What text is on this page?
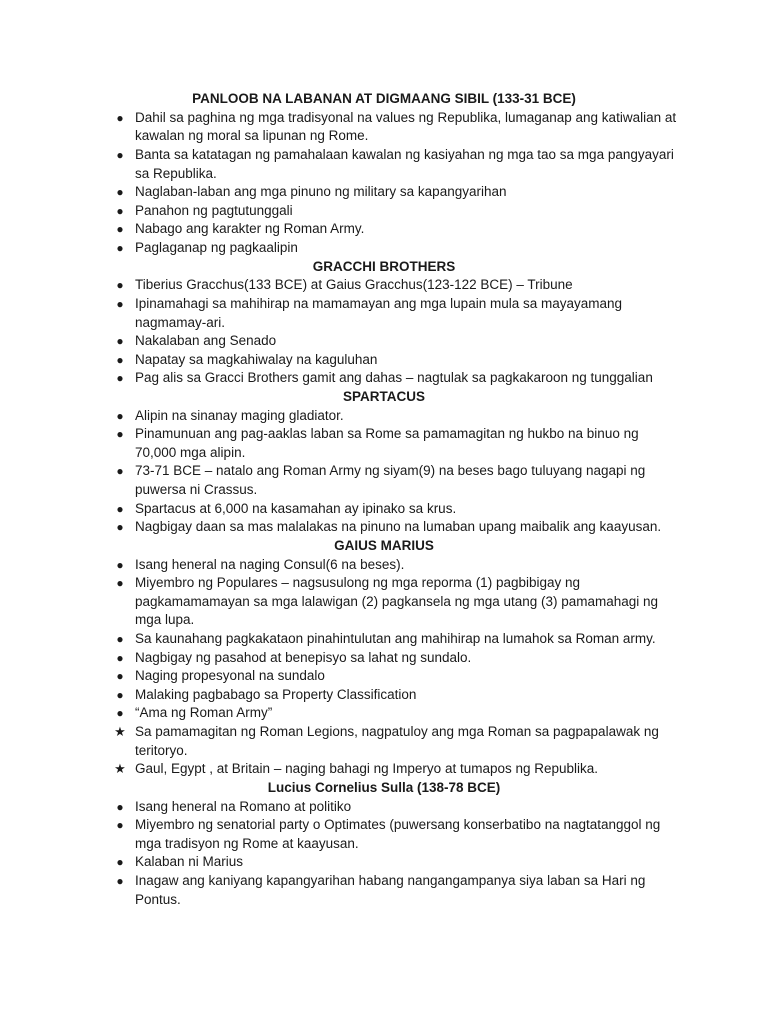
PANLOOB NA LABANAN AT DIGMAANG SIBIL (133-31 BCE)
● Dahil sa paghina ng mga tradisyonal na values ng Republika, lumaganap ang katiwalian at kawalan ng moral sa lipunan ng Rome.
● Banta sa katatagan ng pamahalaan kawalan ng kasiyahan ng mga tao sa mga pangyayari sa Republika.
● Naglaban-laban ang mga pinuno ng military sa kapangyarihan
● Panahon ng pagtutunggali
● Nabago ang karakter ng Roman Army.
● Paglaganap ng pagkaalipin
GRACCHI BROTHERS
● Tiberius Gracchus(133 BCE) at Gaius Gracchus(123-122 BCE) – Tribune
● Ipinamahagi sa mahihirap na mamamayan ang mga lupain mula sa mayayamang nagmamay-ari.
● Nakalaban ang Senado
● Napatay sa magkahiwalay na kaguluhan
● Pag alis sa Gracci Brothers gamit ang dahas – nagtulak sa pagkakaroon ng tunggalian
SPARTACUS
● Alipin na sinanay maging gladiator.
● Pinamunuan ang pag-aaklas laban sa Rome sa pamamagitan ng hukbo na binuo ng 70,000 mga alipin.
● 73-71 BCE – natalo ang Roman Army ng siyam(9) na beses bago tuluyang nagapi ng puwersa ni Crassus.
● Spartacus at 6,000 na kasamahan ay ipinako sa krus.
● Nagbigay daan sa mas malalakas na pinuno na lumaban upang maibalik ang kaayusan.
GAIUS MARIUS
● Isang heneral na naging Consul(6 na beses).
● Miyembro ng Populares – nagsusulong ng mga reporma (1) pagbibigay ng pagkamamamayan sa mga lalawigan (2) pagkansela ng mga utang (3) pamamahagi ng mga lupa.
● Sa kaunahang pagkakataon pinahintulutan ang mahihirap na lumahok sa Roman army.
● Nagbigay ng pasahod at benepisyo sa lahat ng sundalo.
● Naging propesyonal na sundalo
● Malaking pagbabago sa Property Classification
● “Ama ng Roman Army”
★ Sa pamamagitan ng Roman Legions, nagpatuloy ang mga Roman sa pagpapalawak ng teritoryo.
★ Gaul, Egypt , at Britain – naging bahagi ng Imperyo at tumapos ng Republika.
Lucius Cornelius Sulla (138-78 BCE)
● Isang heneral na Romano at politiko
● Miyembro ng senatorial party o Optimates (puwersang konserbatibo na nagtatanggol ng mga tradisyon ng Rome at kaayusan.
● Kalaban ni Marius
● Inagaw ang kaniyang kapangyarihan habang nangangampanya siya laban sa Hari ng Pontus.
